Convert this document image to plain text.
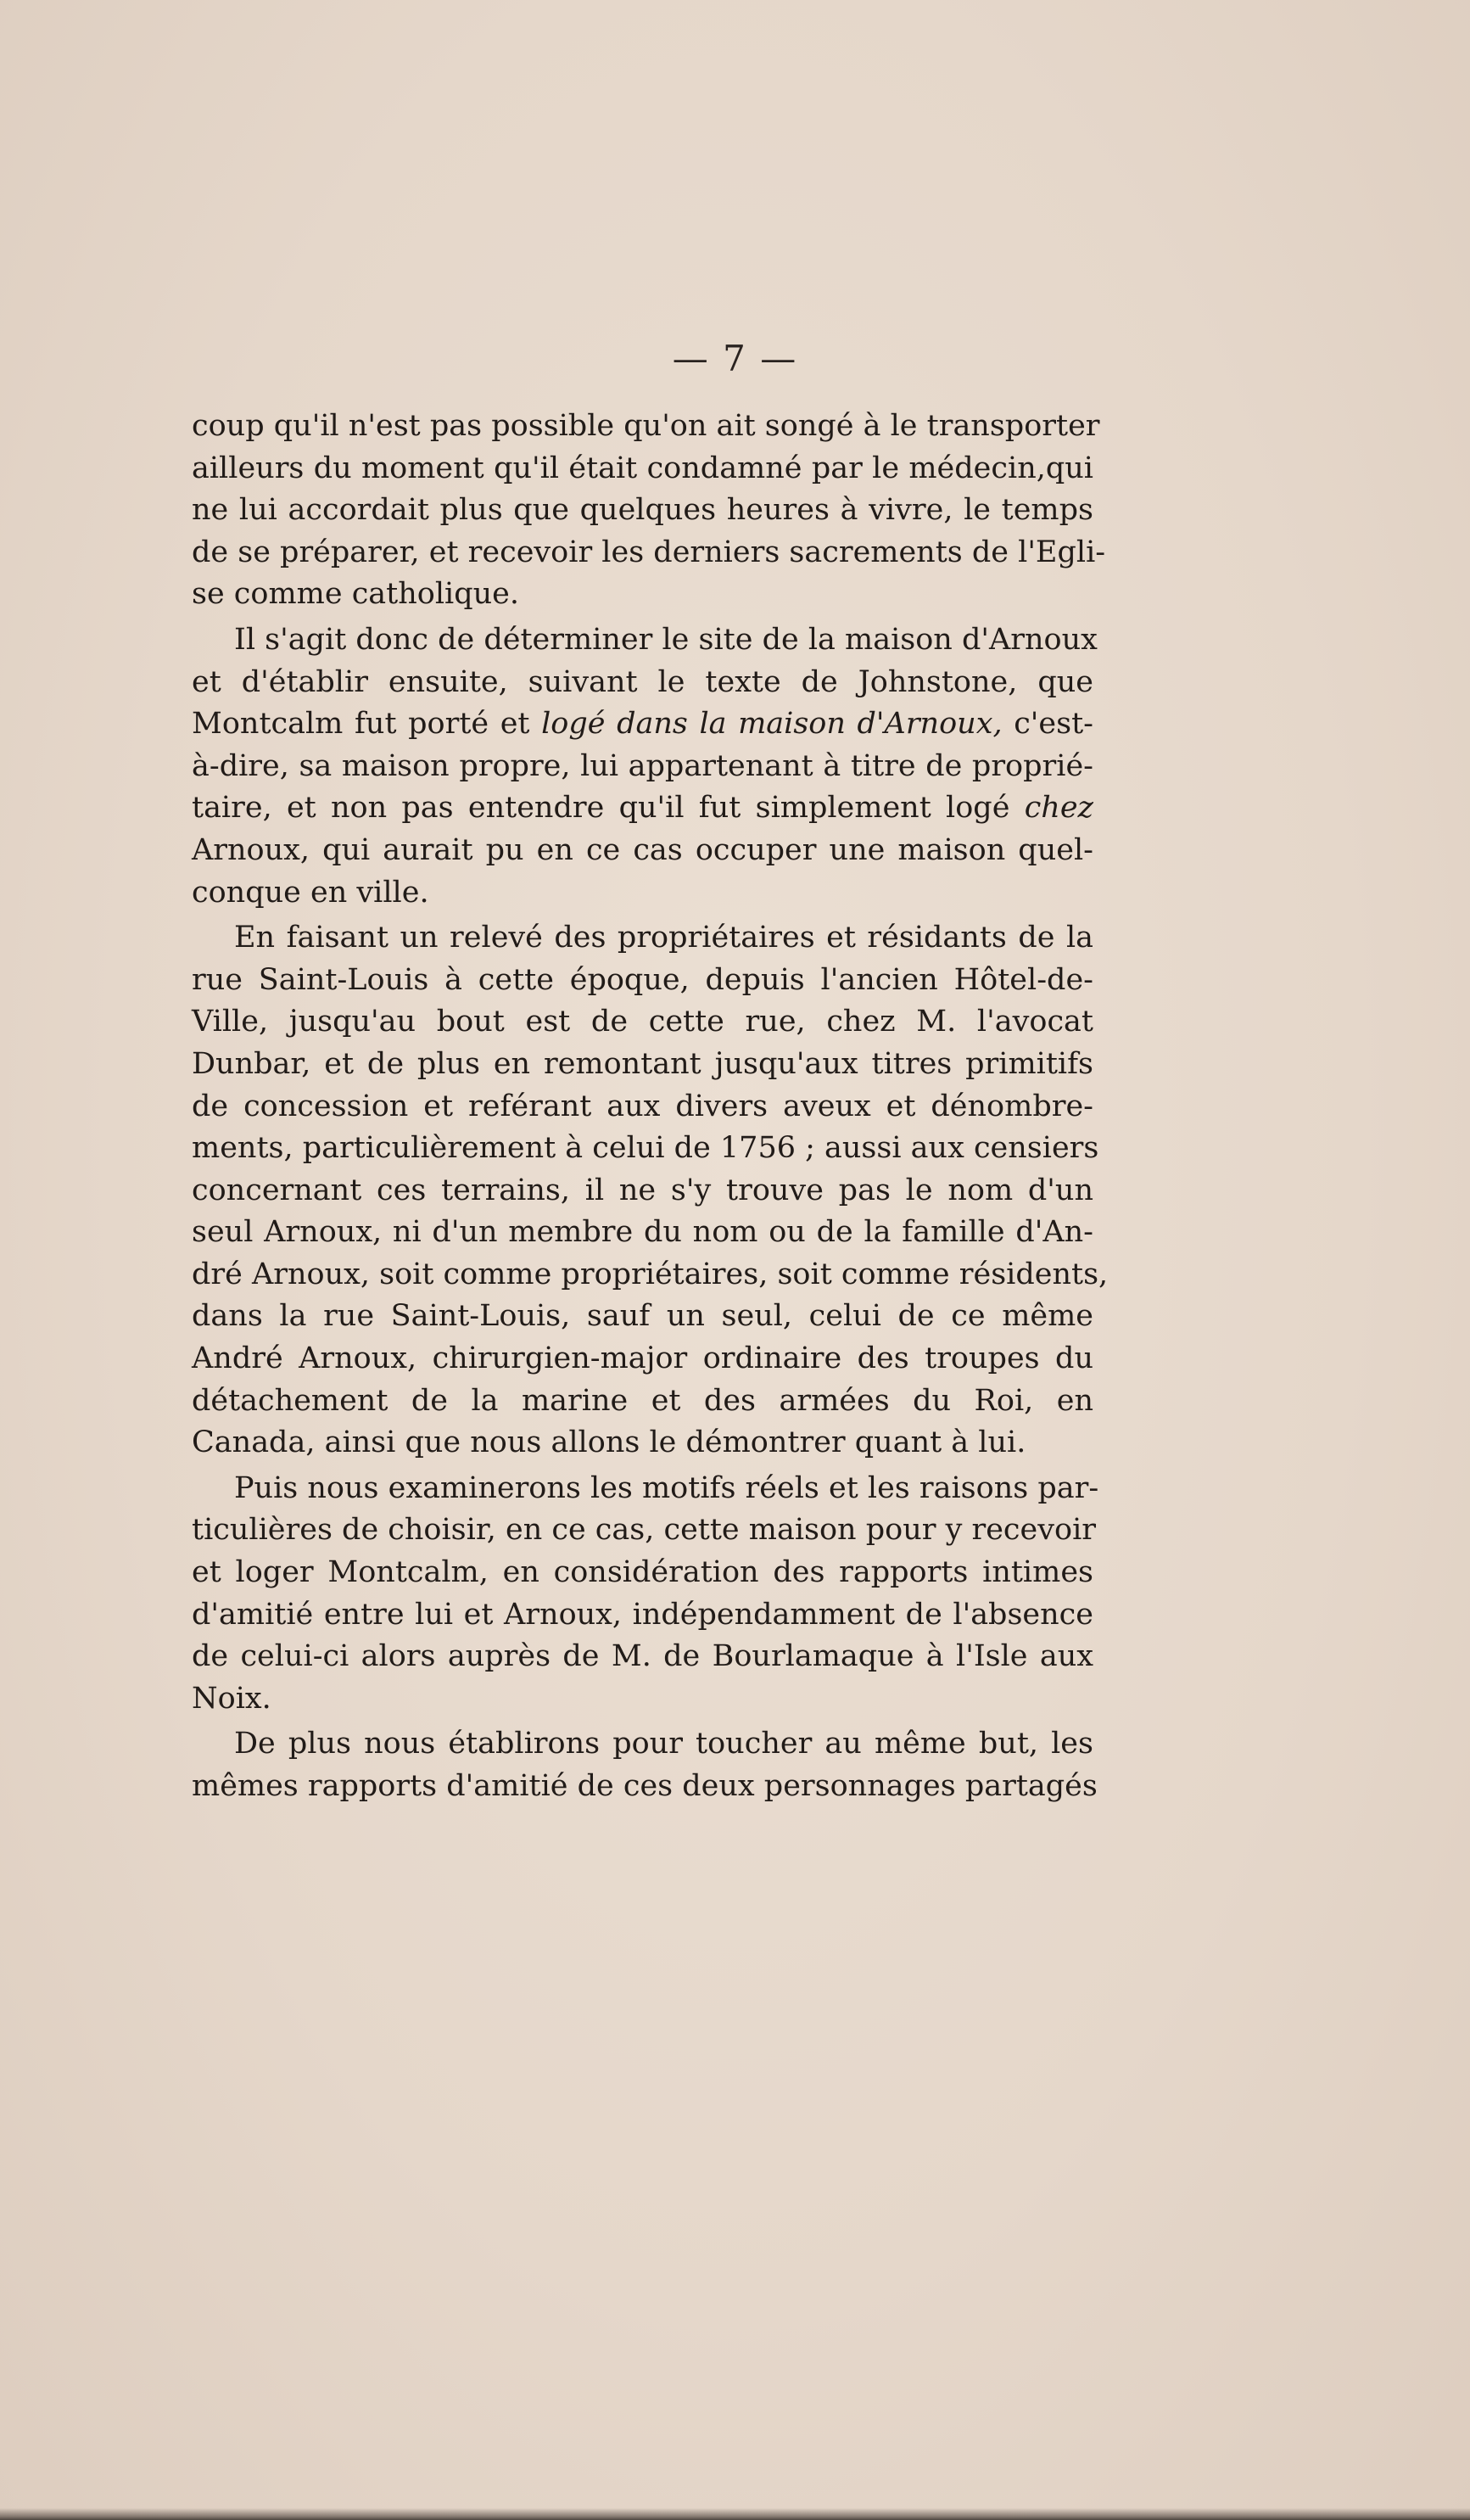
— 7 —

coup qu'il n'est pas possible qu'on ait songé à le transporter

ailleurs du moment qu'il était condamné par le médecin,qui

ne lui accordait plus que quelques heures à vivre, le temps

de se préparer, et recevoir les derniers sacrements de l'Egli-

se comme catholique.

Il s'agit donc de déterminer le site de la maison d'Arnoux

et d'établir ensuite, suivant le texte de Johnstone, que

Montcalm fut porté et logé dans la maison d'Arnoux, c'est-

à-dire, sa maison propre, lui appartenant à titre de proprié-

taire, et non pas entendre qu'il fut simplement logé chez

Arnoux, qui aurait pu en ce cas occuper une maison quel-

conque en ville.

En faisant un relevé des propriétaires et résidants de la

rue Saint-Louis à cette époque, depuis l'ancien Hôtel-de-

Ville, jusqu'au bout est de cette rue, chez M. l'avocat

Dunbar, et de plus en remontant jusqu'aux titres primitifs

de concession et reférant aux divers aveux et dénombre-

ments, particulièrement à celui de 1756 ; aussi aux censiers

concernant ces terrains, il ne s'y trouve pas le nom d'un

seul Arnoux, ni d'un membre du nom ou de la famille d'An-

dré Arnoux, soit comme propriétaires, soit comme résidents,

dans la rue Saint-Louis, sauf un seul, celui de ce même

André Arnoux, chirurgien-major ordinaire des troupes du

détachement de la marine et des armées du Roi, en

Canada, ainsi que nous allons le démontrer quant à lui.

Puis nous examinerons les motifs réels et les raisons par-

ticulières de choisir, en ce cas, cette maison pour y recevoir

et loger Montcalm, en considération des rapports intimes

d'amitié entre lui et Arnoux, indépendamment de l'absence

de celui-ci alors auprès de M. de Bourlamaque à l'Isle aux

Noix.

De plus nous établirons pour toucher au même but, les

mêmes rapports d'amitié de ces deux personnages partagés
